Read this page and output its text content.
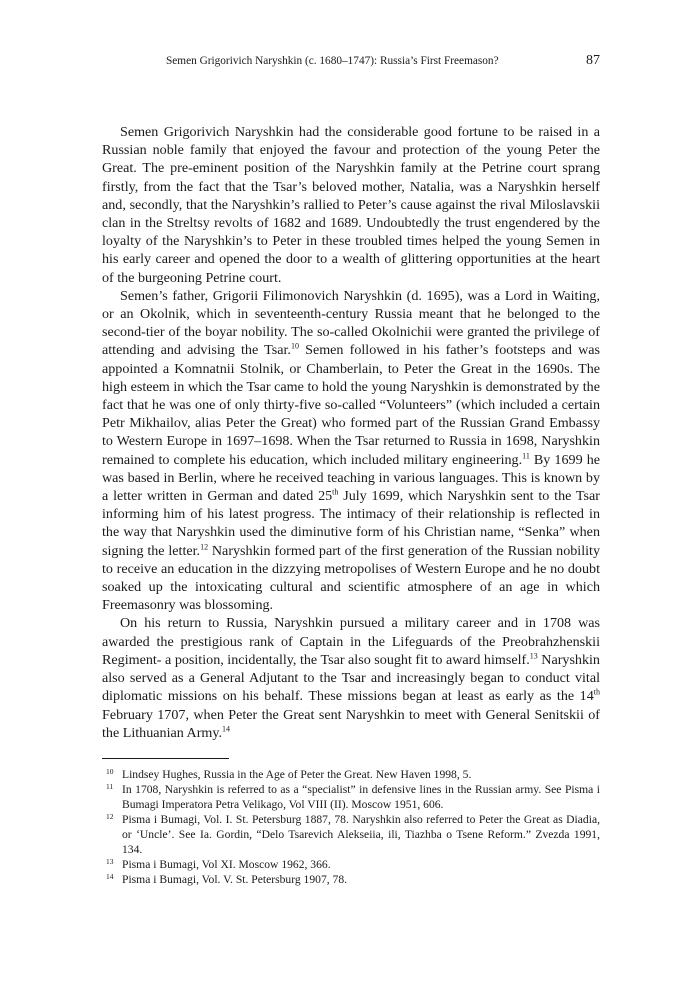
Semen Grigorivich Naryshkin (c. 1680–1747): Russia’s First Freemason?	87

Semen Grigorivich Naryshkin had the considerable good fortune to be raised in a Russian noble family that enjoyed the favour and protection of the young Peter the Great. The pre-eminent position of the Naryshkin family at the Petrine court sprang firstly, from the fact that the Tsar’s beloved mother, Natalia, was a Naryshkin herself and, secondly, that the Naryshkin’s rallied to Peter’s cause against the rival Miloslavskii clan in the Streltsy revolts of 1682 and 1689. Undoubtedly the trust engendered by the loyalty of the Naryshkin’s to Peter in these troubled times helped the young Semen in his early career and opened the door to a wealth of glittering opportunities at the heart of the burgeoning Petrine court.

Semen’s father, Grigorii Filimonovich Naryshkin (d. 1695), was a Lord in Waiting, or an Okolnik, which in seventeenth-century Russia meant that he belonged to the second-tier of the boyar nobility. The so-called Okolnichii were granted the privilege of attending and advising the Tsar.$^{10}$ Semen followed in his father’s footsteps and was appointed a Komnatnii Stolnik, or Chamberlain, to Peter the Great in the 1690s. The high esteem in which the Tsar came to hold the young Naryshkin is demonstrated by the fact that he was one of only thirty-five so-called “Volunteers” (which included a certain Petr Mikhailov, alias Peter the Great) who formed part of the Russian Grand Embassy to Western Europe in 1697–1698. When the Tsar returned to Russia in 1698, Naryshkin remained to complete his education, which included military engineering.$^{11}$ By 1699 he was based in Berlin, where he received teaching in various languages. This is known by a letter written in German and dated 25th July 1699, which Naryshkin sent to the Tsar informing him of his latest progress. The intimacy of their relationship is reflected in the way that Naryshkin used the diminutive form of his Christian name, “Senka” when signing the letter.$^{12}$ Naryshkin formed part of the first generation of the Russian nobility to receive an education in the dizzying metropolises of Western Europe and he no doubt soaked up the intoxicating cultural and scientific atmosphere of an age in which Freemasonry was blossoming.

On his return to Russia, Naryshkin pursued a military career and in 1708 was awarded the prestigious rank of Captain in the Lifeguards of the Preobrahzhenskii Regiment- a position, incidentally, the Tsar also sought fit to award himself.$^{13}$ Naryshkin also served as a General Adjutant to the Tsar and increasingly began to conduct vital diplomatic missions on his behalf. These missions began at least as early as the 14th February 1707, when Peter the Great sent Naryshkin to meet with General Senitskii of the Lithuanian Army.$^{14}$

10 Lindsey Hughes, Russia in the Age of Peter the Great. New Haven 1998, 5.
11 In 1708, Naryshkin is referred to as a “specialist” in defensive lines in the Russian army. See Pisma i Bumagi Imperatora Petra Velikago, Vol VIII (II). Moscow 1951, 606.
12 Pisma i Bumagi, Vol. I. St. Petersburg 1887, 78. Naryshkin also referred to Peter the Great as Diadia, or ‘Uncle’. See Ia. Gordin, “Delo Tsarevich Alekseiia, ili, Tiazhba o Tsene Reform.” Zvezda 1991, 134.
13 Pisma i Bumagi, Vol XI. Moscow 1962, 366.
14 Pisma i Bumagi, Vol. V. St. Petersburg 1907, 78.
